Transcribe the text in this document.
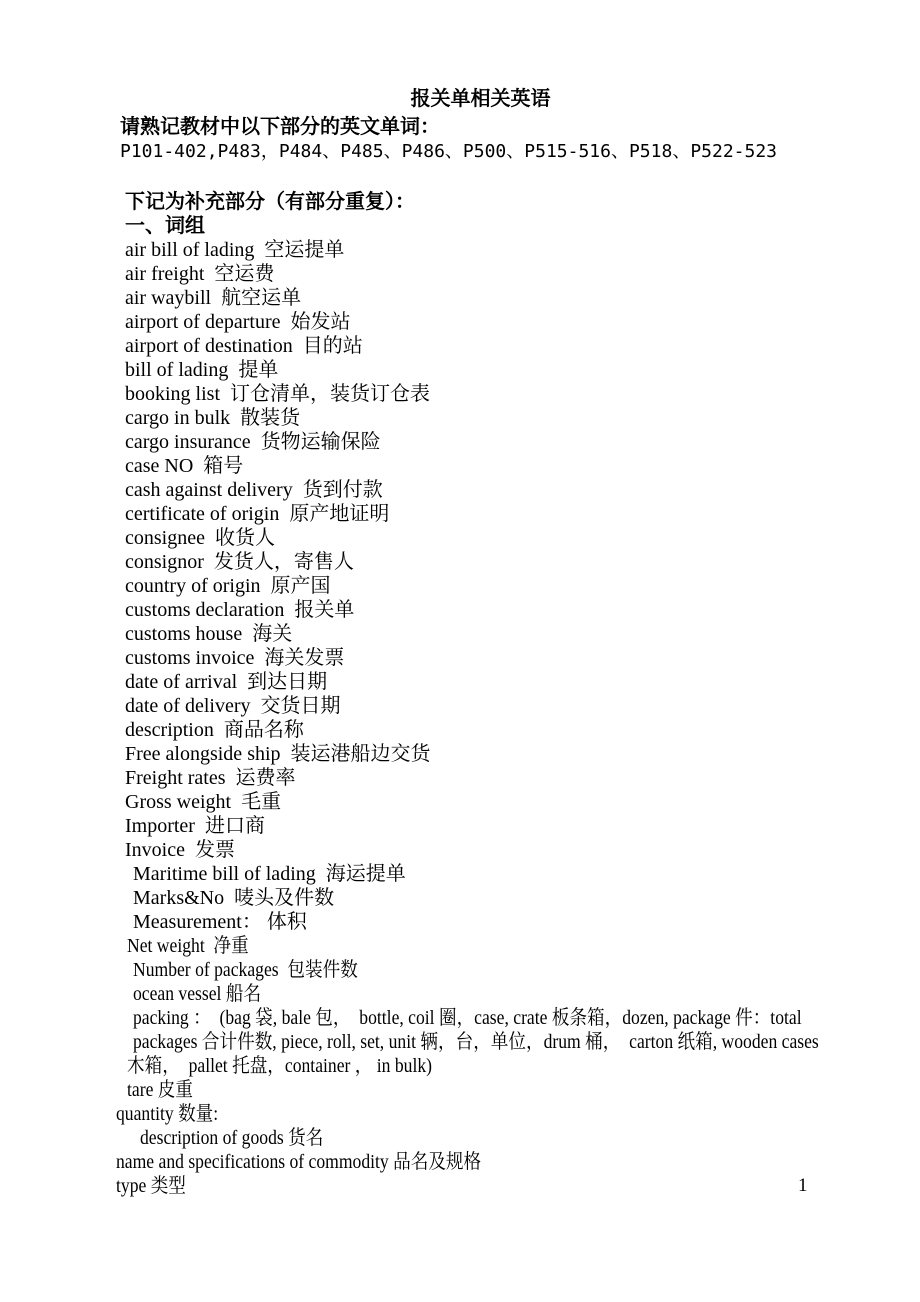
报关单相关英语
请熟记教材中以下部分的英文单词：
P101-402,P483，P484、P485、P486、P500、P515-516、P518、P522-523
下记为补充部分（有部分重复）：
一、词组
air bill of lading  空运提单
air freight  空运费
air waybill  航空运单
airport of departure  始发站
airport of destination  目的站
bill of lading  提单
booking list  订仓清单，装货订仓表
cargo in bulk  散装货
cargo insurance  货物运输保险
case NO  箱号
cash against delivery  货到付款
certificate of origin  原产地证明
consignee  收货人
consignor  发货人，寄售人
country of origin  原产国
customs declaration  报关单
customs house  海关
customs invoice  海关发票
date of arrival  到达日期
date of delivery  交货日期
description  商品名称
Free alongside ship  装运港船边交货
Freight rates  运费率
Gross weight  毛重
Importer  进口商
Invoice  发票
Maritime bill of lading  海运提单
Marks&No  唛头及件数
Measurement： 体积
Net weight  净重
Number of packages  包装件数
ocean vessel 船名
packing ：  (bag 袋, bale 包，  bottle, coil 圈，case, crate 板条箱，dozen, package 件：total
packages 合计件数, piece, roll, set, unit 辆，台，单位，drum 桶，  carton 纸箱, wooden cases
木箱，  pallet 托盘，container ， in bulk)
tare 皮重
quantity 数量:
description of goods 货名
name and specifications of commodity 品名及规格
type 类型	1
